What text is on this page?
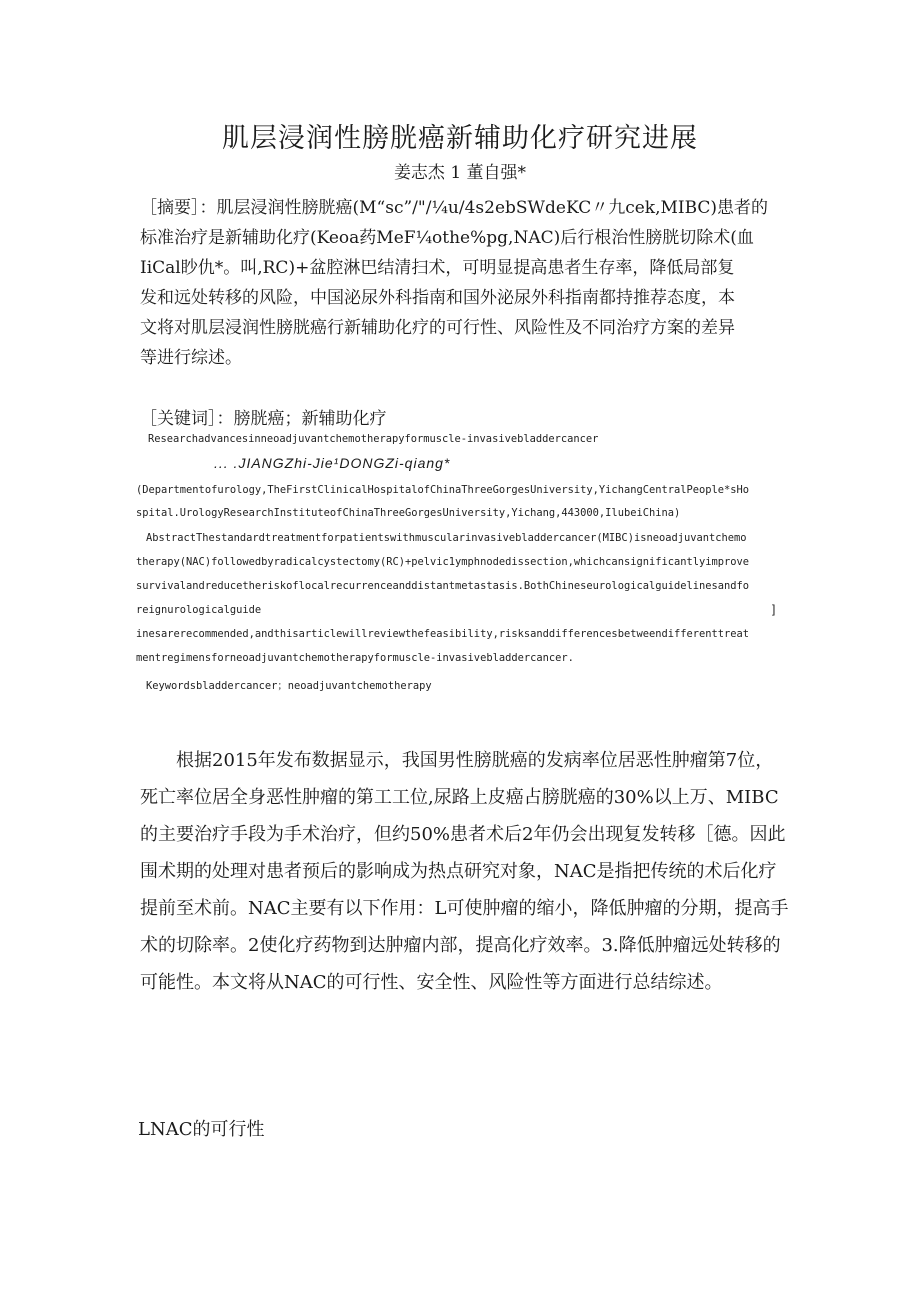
肌层浸润性膀胱癌新辅助化疗研究进展
姜志杰 1 董自强*

［摘要］：肌层浸润性膀胱癌(M“sc”/"/¼u/4s2ebSWdeKC〃九cek,MIBC)患者的

标准治疗是新辅助化疗(Keoa药MeF¼othe%pg,NAC)后行根治性膀胱切除术(血

IiCal眇仇*。叫,RC)+盆腔淋巴结清扫术，可明显提高患者生存率，降低局部复

发和远处转移的风险，中国泌尿外科指南和国外泌尿外科指南都持推荐态度，本

文将对肌层浸润性膀胱癌行新辅助化疗的可行性、风险性及不同治疗方案的差异

等进行综述。

［关键词］：膀胱癌；新辅助化疗
Researchadvancesinneoadjuvantchemotherapyformuscle-invasivebladdercancer
... .JIANGZhi-Jie¹DONGZi-qiang*
(Departmentofurology,TheFirstClinicalHospitalofChinaThreeGorgesUniversity,YichangCentralPeople*sHo
spital.UrologyResearchInstituteofChinaThreeGorgesUniversity,Yichang,443000,IlubeiChina)
AbstractThestandardtreatmentforpatientswithmuscularinvasivebladdercancer(MIBC)isneoadjuvantchemo
therapy(NAC)followedbyradicalcystectomy(RC)+pelvic1ymphnodedissection,whichcansignificantlyimprove
survivalandreducetheriskoflocalrecurrenceanddistantmetastasis.BothChineseurologicalguidelinesandfo
reignurologicalguide	]
inesarerecommended,andthisarticlewillreviewthefeasibility,risksanddifferencesbetweendifferenttreat
mentregimensforneoadjuvantchemotherapyformuscle-invasivebladdercancer.
Keywordsbladdercancer；neoadjuvantchemotherapy

根据2015年发布数据显示，我国男性膀胱癌的发病率位居恶性肿瘤第7位，死亡率位居全身恶性肿瘤的第工工位,尿路上皮癌占膀胱癌的30%以上万、MIBC的主要治疗手段为手术治疗，但约50%患者术后2年仍会出现复发转移［德。因此围术期的处理对患者预后的影响成为热点研究对象，NAC是指把传统的术后化疗提前至术前。NAC主要有以下作用：L可使肿瘤的缩小，降低肿瘤的分期，提高手术的切除率。2使化疗药物到达肿瘤内部，提高化疗效率。3.降低肿瘤远处转移的可能性。本文将从NAC的可行性、安全性、风险性等方面进行总结综述。

LNAC的可行性
